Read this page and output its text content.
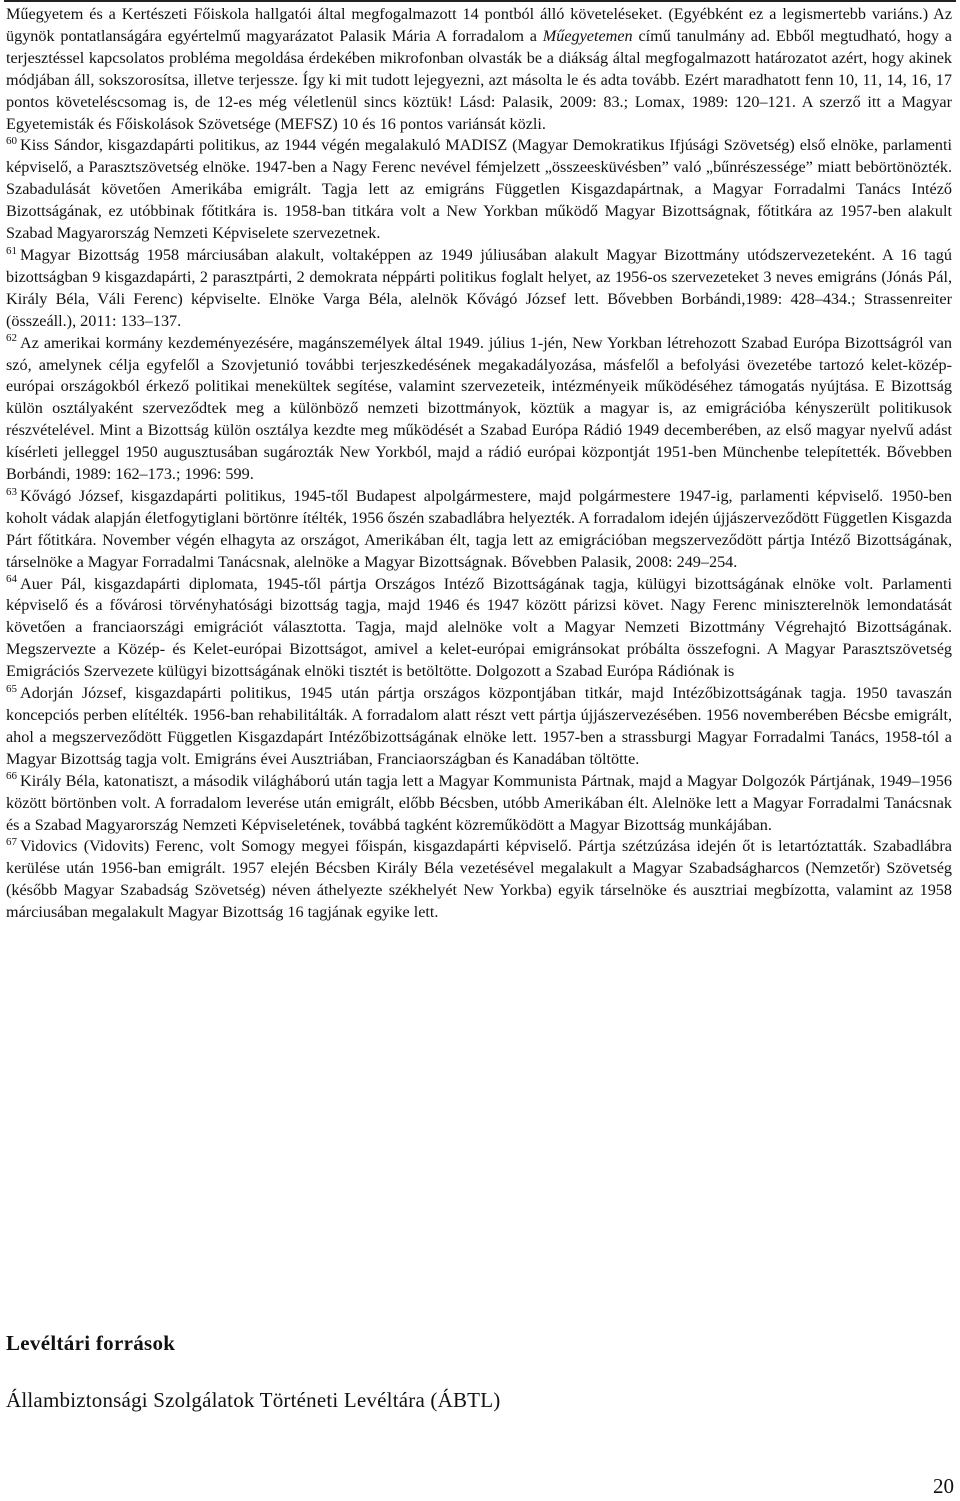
Műegyetem és a Kertészeti Főiskola hallgatói által megfogalmazott 14 pontból álló követeléseket. (Egyébként ez a legismertebb variáns.) Az ügynök pontatlanságára egyértelmű magyarázatot Palasik Mária A forradalom a Műegyetemen című tanulmány ad. Ebből megtudható, hogy a terjesztéssel kapcsolatos probléma megoldása érdekében mikrofonban olvasták be a diákság által megfogalmazott határozatot azért, hogy akinek módjában áll, sokszorosítsa, illetve terjessze. Így ki mit tudott lejegyezni, azt másolta le és adta tovább. Ezért maradhatott fenn 10, 11, 14, 16, 17 pontos követeléscsomag is, de 12-es még véletlenül sincs köztük! Lásd: Palasik, 2009: 83.; Lomax, 1989: 120‒121. A szerző itt a Magyar Egyetemisták és Főiskolások Szövetsége (MEFSZ) 10 és 16 pontos variánsát közli.

$^{60}$ Kiss Sándor, kisgazdapárti politikus, az 1944 végén megalakuló MADISZ (Magyar Demokratikus Ifjúsági Szövetség) első elnöke, parlamenti képviselő, a Parasztszövetség elnöke. 1947-ben a Nagy Ferenc nevével fémjelzett „összeesküvésben” való „bűnrészessége” miatt bebörtönözték. Szabadulását követően Amerikába emigrált. Tagja lett az emigráns Független Kisgazdapártnak, a Magyar Forradalmi Tanács Intéző Bizottságának, ez utóbbinak főtitkára is. 1958-ban titkára volt a New Yorkban működő Magyar Bizottságnak, főtitkára az 1957-ben alakult Szabad Magyarország Nemzeti Képviselete szervezetnek.

$^{61}$ Magyar Bizottság 1958 márciusában alakult, voltaképpen az 1949 júliusában alakult Magyar Bizottmány utódszervezeteként. A 16 tagú bizottságban 9 kisgazdapárti, 2 parasztpárti, 2 demokrata néppárti politikus foglalt helyet, az 1956-os szervezeteket 3 neves emigráns (Jónás Pál, Király Béla, Váli Ferenc) képviselte. Elnöke Varga Béla, alelnök Kővágó József lett. Bővebben Borbándi,1989: 428‒434.; Strassenreiter (összeáll.), 2011: 133‒137.

$^{62}$ Az amerikai kormány kezdeményezésére, magánszemélyek által 1949. július 1-jén, New Yorkban létrehozott Szabad Európa Bizottságról van szó, amelynek célja egyfelől a Szovjetunió további terjeszkedésének megakadályozása, másfelől a befolyási övezetébe tartozó kelet-közép-európai országokból érkező politikai menekültek segítése, valamint szervezeteik, intézményeik működéséhez támogatás nyújtása. E Bizottság külön osztályaként szerveződtek meg a különböző nemzeti bizottmányok, köztük a magyar is, az emigrációba kényszerült politikusok részvételével. Mint a Bizottság külön osztálya kezdte meg működését a Szabad Európa Rádió 1949 decemberében, az első magyar nyelvű adást kísérleti jelleggel 1950 augusztusában sugározták New Yorkból, majd a rádió európai központját 1951-ben Münchenbe telepítették. Bővebben Borbándi, 1989: 162‒173.; 1996: 599.

$^{63}$ Kővágó József, kisgazdapárti politikus, 1945-től Budapest alpolgármestere, majd polgármestere 1947-ig, parlamenti képviselő. 1950-ben koholt vádak alapján életfogytiglani börtönre ítélték, 1956 őszén szabadlábra helyezték. A forradalom idején újjászerveződött Független Kisgazda Párt főtitkára. November végén elhagyta az országot, Amerikában élt, tagja lett az emigrációban megszerveződött pártja Intéző Bizottságának, társelnöke a Magyar Forradalmi Tanácsnak, alelnöke a Magyar Bizottságnak. Bővebben Palasik, 2008: 249‒254.

$^{64}$ Auer Pál, kisgazdapárti diplomata, 1945-től pártja Országos Intéző Bizottságának tagja, külügyi bizottságának elnöke volt. Parlamenti képviselő és a fővárosi törvényhatósági bizottság tagja, majd 1946 és 1947 között párizsi követ. Nagy Ferenc miniszterelnök lemondatását követően a franciaországi emigrációt választotta. Tagja, majd alelnöke volt a Magyar Nemzeti Bizottmány Végrehajtó Bizottságának. Megszervezte a Közép- és Kelet-európai Bizottságot, amivel a kelet-európai emigránsokat próbálta összefogni. A Magyar Parasztszövetség Emigrációs Szervezete külügyi bizottságának elnöki tisztét is betöltötte. Dolgozott a Szabad Európa Rádiónak is

$^{65}$ Adorján József, kisgazdapárti politikus, 1945 után pártja országos központjában titkár, majd Intézőbizottságának tagja. 1950 tavaszán koncepciós perben elítélték. 1956-ban rehabilitálták. A forradalom alatt részt vett pártja újjászervezésében. 1956 novemberében Bécsbe emigrált, ahol a megszerveződött Független Kisgazdapárt Intézőbizottságának elnöke lett. 1957-ben a strassburgi Magyar Forradalmi Tanács, 1958-tól a Magyar Bizottság tagja volt. Emigráns évei Ausztriában, Franciaországban és Kanadában töltötte.

$^{66}$ Király Béla, katonatiszt, a második világháború után tagja lett a Magyar Kommunista Pártnak, majd a Magyar Dolgozók Pártjának, 1949‒1956 között börtönben volt. A forradalom leverése után emigrált, előbb Bécsben, utóbb Amerikában élt. Alelnöke lett a Magyar Forradalmi Tanácsnak és a Szabad Magyarország Nemzeti Képviseletének, továbbá tagként közreműködött a Magyar Bizottság munkájában.

$^{67}$ Vidovics (Vidovits) Ferenc, volt Somogy megyei főispán, kisgazdapárti képviselő. Pártja szétzúzása idején őt is letartóztatták. Szabadlábra kerülése után 1956-ban emigrált. 1957 elején Bécsben Király Béla vezetésével megalakult a Magyar Szabadságharcos (Nemzetőr) Szövetség (később Magyar Szabadság Szövetség) néven áthelyezte székhelyét New Yorkba) egyik társelnöke és ausztriai megbízotta, valamint az 1958 márciusában megalakult Magyar Bizottság 16 tagjának egyike lett.

Levéltári források

Állambiztonsági Szolgálatok Történeti Levéltára (ÁBTL)

20
